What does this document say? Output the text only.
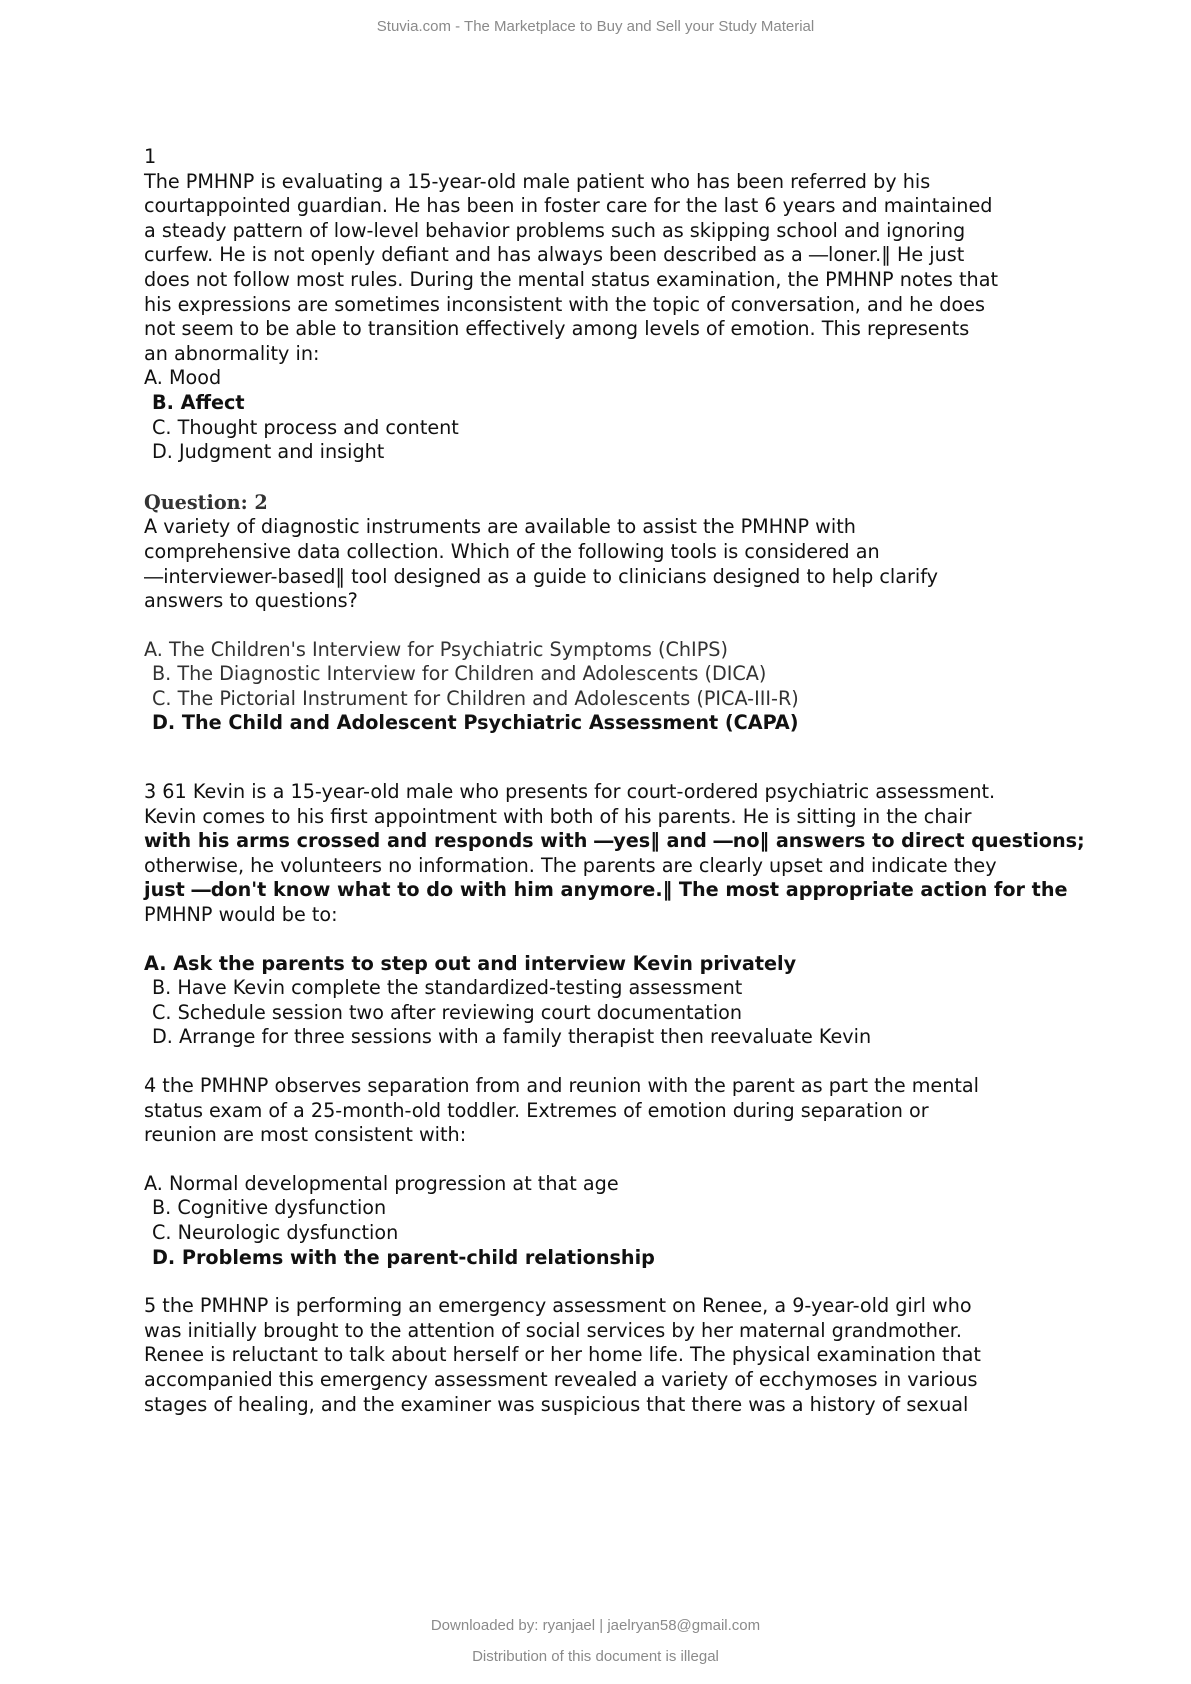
Stuvia.com - The Marketplace to Buy and Sell your Study Material
1
The PMHNP is evaluating a 15-year-old male patient who has been referred by his
courtappointed guardian. He has been in foster care for the last 6 years and maintained
a steady pattern of low-level behavior problems such as skipping school and ignoring
curfew. He is not openly defiant and has always been described as a ―loner.‖ He just
does not follow most rules. During the mental status examination, the PMHNP notes that
his expressions are sometimes inconsistent with the topic of conversation, and he does
not seem to be able to transition effectively among levels of emotion. This represents
an abnormality in:
A. Mood
B. Affect
C. Thought process and content
D. Judgment and insight
Question: 2
A variety of diagnostic instruments are available to assist the PMHNP with
comprehensive data collection. Which of the following tools is considered an
―interviewer-based‖ tool designed as a guide to clinicians designed to help clarify
answers to questions?
A. The Children's Interview for Psychiatric Symptoms (ChIPS)
B. The Diagnostic Interview for Children and Adolescents (DICA)
C. The Pictorial Instrument for Children and Adolescents (PICA-III-R)
D. The Child and Adolescent Psychiatric Assessment (CAPA)
3 61 Kevin is a 15-year-old male who presents for court-ordered psychiatric assessment.
Kevin comes to his first appointment with both of his parents. He is sitting in the chair
with his arms crossed and responds with ―yes‖ and ―no‖ answers to direct questions;
otherwise, he volunteers no information. The parents are clearly upset and indicate they
just ―don't know what to do with him anymore.‖ The most appropriate action for the
PMHNP would be to:
A. Ask the parents to step out and interview Kevin privately
B. Have Kevin complete the standardized-testing assessment
C. Schedule session two after reviewing court documentation
D. Arrange for three sessions with a family therapist then reevaluate Kevin
4 the PMHNP observes separation from and reunion with the parent as part the mental
status exam of a 25-month-old toddler. Extremes of emotion during separation or
reunion are most consistent with:
A. Normal developmental progression at that age
B. Cognitive dysfunction
C. Neurologic dysfunction
D. Problems with the parent-child relationship
5 the PMHNP is performing an emergency assessment on Renee, a 9-year-old girl who
was initially brought to the attention of social services by her maternal grandmother.
Renee is reluctant to talk about herself or her home life. The physical examination that
accompanied this emergency assessment revealed a variety of ecchymoses in various
stages of healing, and the examiner was suspicious that there was a history of sexual
Downloaded by: ryanjael | jaelryan58@gmail.com
Distribution of this document is illegal
